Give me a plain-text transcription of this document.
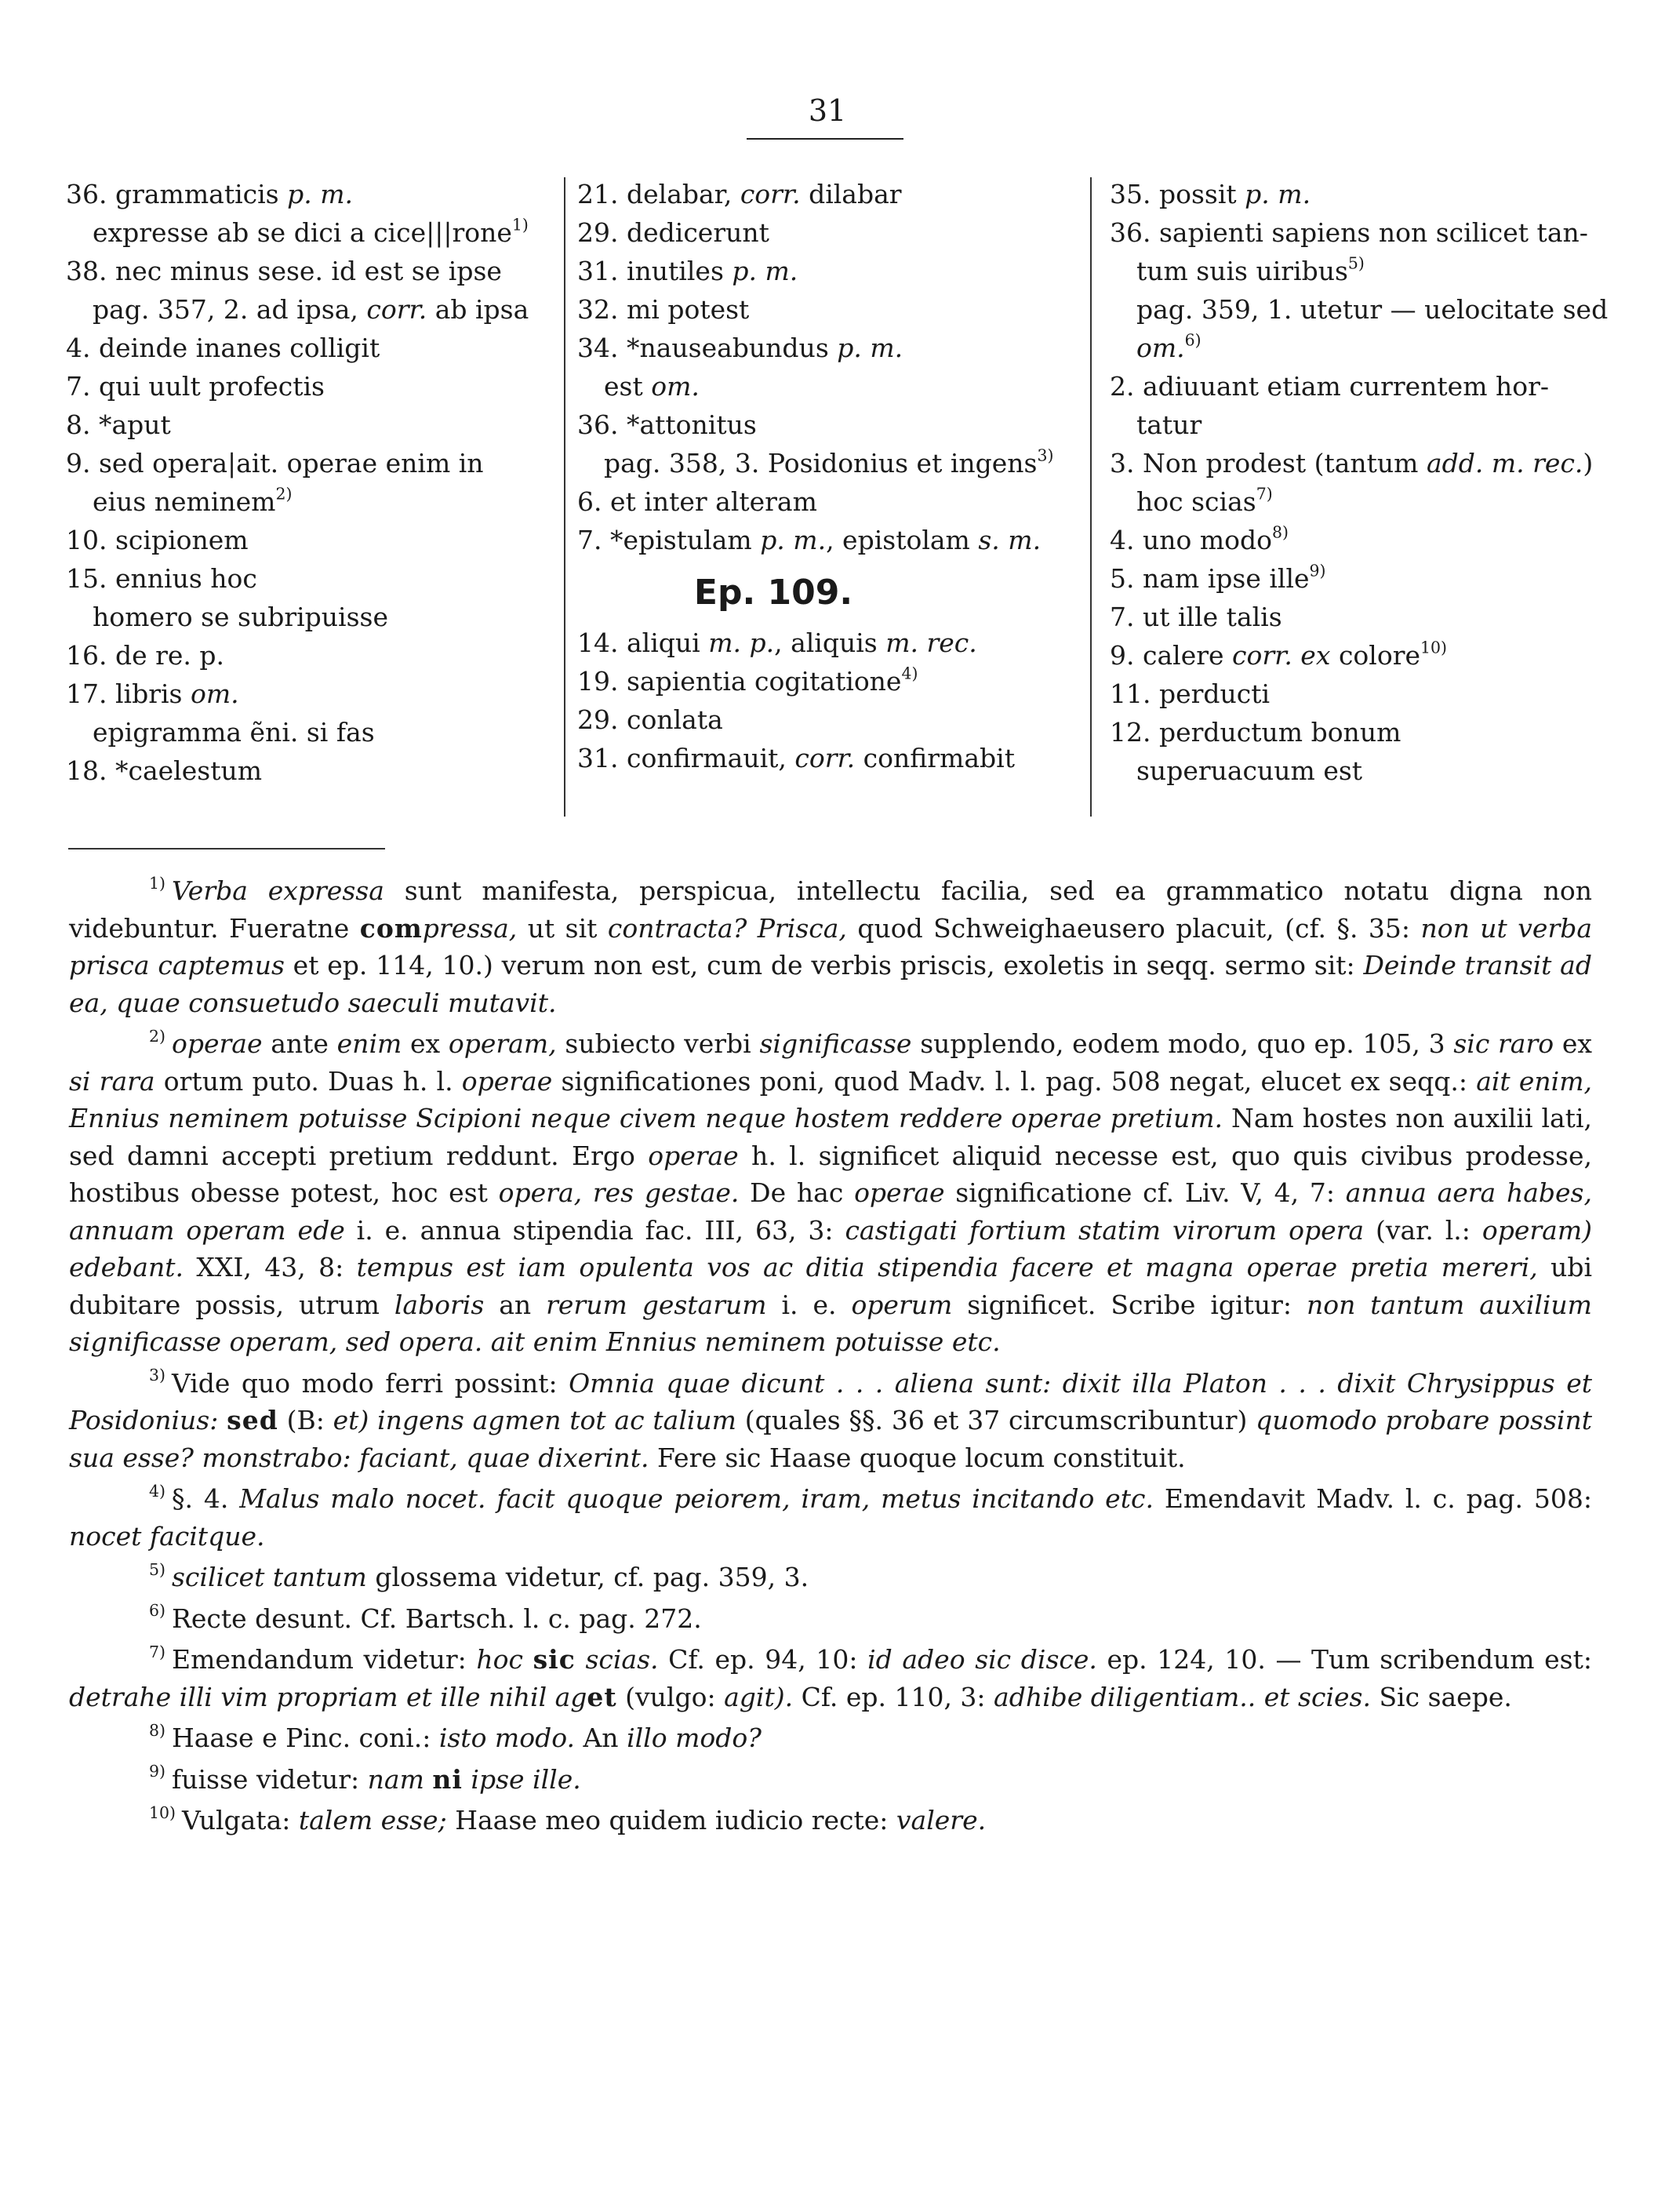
31
36. grammaticis p. m.
expresse ab se dici a cice|||rone$^{1)}$
38. nec minus sese. id est se ipse
pag. 357, 2. ad ipsa, corr. ab ipsa
4. deinde inanes colligit
7. qui uult profectis
8. *aput
9. sed opera|ait. operae enim in
eius neminem$^{2)}$
10. scipionem
15. ennius hoc
homero se subripuisse
16. de re. p.
17. libris om.
epigramma ẽni. si fas
18. *caelestum
21. delabar, corr. dilabar
29. dedicerunt
31. inutiles p. m.
32. mi potest
34. *nauseabundus p. m.
est om.
36. *attonitus
pag. 358, 3. Posidonius et ingens$^{3)}$
6. et inter alteram
7. *epistulam p. m., epistolam s. m.
Ep. 109.
14. aliqui m. p., aliquis m. rec.
19. sapientia cogitatione$^{4)}$
29. conlata
31. confirmauit, corr. confirmabit
35. possit p. m.
36. sapienti sapiens non scilicet tan-
tum suis uiribus$^{5)}$
pag. 359, 1. utetur — uelocitate sed
om.$^{6)}$
2. adiuuant etiam currentem hor-
tatur
3. Non prodest (tantum add. m. rec.)
hoc scias$^{7)}$
4. uno modo$^{8)}$
5. nam ipse ille$^{9)}$
7. ut ille talis
9. calere corr. ex colore$^{10)}$
11. perducti
12. perductum bonum
superuacuum est

$^{1)}$ Verba expressa sunt manifesta, perspicua, intellectu facilia, sed ea grammatico notatu digna non videbuntur. Fueratne compressa, ut sit contracta? Prisca, quod Schweighaeusero placuit, (cf. §. 35: non ut verba prisca captemus et ep. 114, 10.) verum non est, cum de verbis priscis, exoletis in seqq. sermo sit: Deinde transit ad ea, quae consuetudo saeculi mutavit.

$^{2)}$ operae ante enim ex operam, subiecto verbi significasse supplendo, eodem modo, quo ep. 105, 3 sic raro ex si rara ortum puto. Duas h. l. operae significationes poni, quod Madv. l. l. pag. 508 negat, elucet ex seqq.: ait enim, Ennius neminem potuisse Scipioni neque civem neque hostem reddere operae pretium. Nam hostes non auxilii lati, sed damni accepti pretium reddunt. Ergo operae h. l. significet aliquid necesse est, quo quis civibus prodesse, hostibus obesse potest, hoc est opera, res gestae. De hac operae significatione cf. Liv. V, 4, 7: annua aera habes, annuam operam ede i. e. annua stipendia fac. III, 63, 3: castigati fortium statim virorum opera (var. l.: operam) edebant. XXI, 43, 8: tempus est iam opulenta vos ac ditia stipendia facere et magna operae pretia mereri, ubi dubitare possis, utrum laboris an rerum gestarum i. e. operum significet. Scribe igitur: non tantum auxilium significasse operam, sed opera. ait enim Ennius neminem potuisse etc.

$^{3)}$ Vide quo modo ferri possint: Omnia quae dicunt . . . aliena sunt: dixit illa Platon . . . dixit Chrysippus et Posidonius: sed (B: et) ingens agmen tot ac talium (quales §§. 36 et 37 circumscribuntur) quomodo probare possint sua esse? monstrabo: faciant, quae dixerint. Fere sic Haase quoque locum constituit.

$^{4)}$ §. 4. Malus malo nocet. facit quoque peiorem, iram, metus incitando etc. Emendavit Madv. l. c. pag. 508: nocet facitque.

$^{5)}$ scilicet tantum glossema videtur, cf. pag. 359, 3.

$^{6)}$ Recte desunt. Cf. Bartsch. l. c. pag. 272.

$^{7)}$ Emendandum videtur: hoc sic scias. Cf. ep. 94, 10: id adeo sic disce. ep. 124, 10. — Tum scribendum est: detrahe illi vim propriam et ille nihil aget (vulgo: agit). Cf. ep. 110, 3: adhibe diligentiam.. et scies. Sic saepe.

$^{8)}$ Haase e Pinc. coni.: isto modo. An illo modo?

$^{9)}$ fuisse videtur: nam ni ipse ille.

$^{10)}$ Vulgata: talem esse; Haase meo quidem iudicio recte: valere.
